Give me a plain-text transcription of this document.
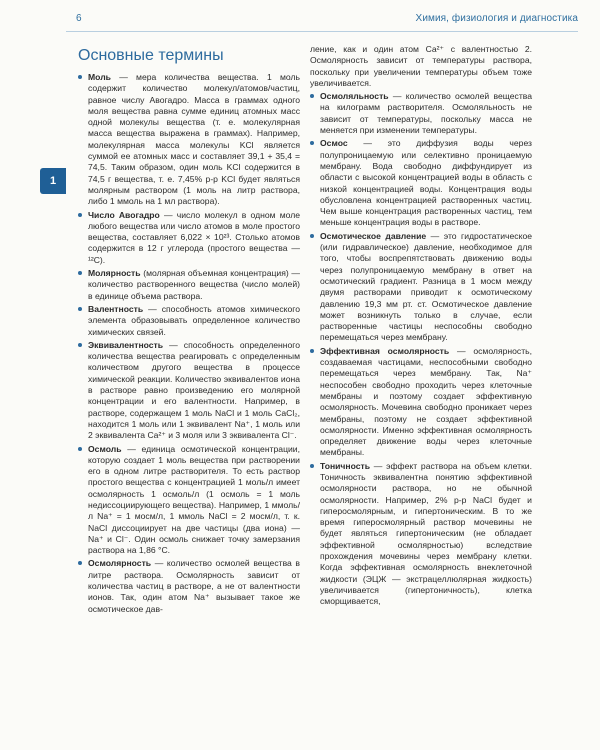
6	Химия, физиология и диагностика
1
Основные термины

Моль — мера количества вещества. 1 моль содержит количество молекул/атомов/частиц, равное числу Авогадро. Масса в граммах одного моля вещества равна сумме единиц атомных масс одной молекулы вещества (т. е. молекулярная масса вещества выражена в граммах). Например, молекулярная масса молекулы KCl является суммой ее атомных масс и составляет 39,1 + 35,4 = 74,5. Таким образом, один моль KCl содержится в 74,5 г вещества, т. е. 7,45% р-р KCl будет являться молярным раствором (1 моль на литр раствора, либо 1 ммоль на 1 мл раствора).

Число Авогадро — число молекул в одном моле любого вещества или число атомов в моле простого вещества, составляет 6,022 × 10²³. Столько атомов содержится в 12 г углерода (простого вещества — ¹²C).

Молярность (молярная объемная концентрация) — количество растворенного вещества (число молей) в единице объема раствора.

Валентность — способность атомов химического элемента образовывать определенное количество химических связей.

Эквивалентность — способность определенного количества вещества реагировать с определенным количеством другого вещества в процессе химической реакции. Количество эквивалентов иона в растворе равно произведению его молярной концентрации и его валентности. Например, в растворе, содержащем 1 моль NaCl и 1 моль CaCl₂, находится 1 моль или 1 эквивалент Na⁺, 1 моль или 2 эквивалента Ca²⁺ и 3 моля или 3 эквивалента Cl⁻.

Осмоль — единица осмотической концентрации, которую создает 1 моль вещества при растворении его в одном литре растворителя. То есть раствор простого вещества с концентрацией 1 моль/л имеет осмолярность 1 осмоль/л (1 осмоль = 1 моль недиссоциирующего вещества). Например, 1 ммоль/л Na⁺ = 1 мосм/л, 1 ммоль NaCl = 2 мосм/л, т. к. NaCl диссоциирует на две частицы (два иона) — Na⁺ и Cl⁻. Один осмоль снижает точку замерзания раствора на 1,86 °C.

Осмолярность — количество осмолей вещества в литре раствора. Осмолярность зависит от количества частиц в растворе, а не от валентности ионов. Так, один атом Na⁺ вызывает такое же осмотическое дав-

ление, как и один атом Ca²⁺ с валентностью 2. Осмолярность зависит от температуры раствора, поскольку при увеличении температуры объем тоже увеличивается.

Осмоляльность — количество осмолей вещества на килограмм растворителя. Осмоляльность не зависит от температуры, поскольку масса не меняется при изменении температуры.

Осмос — это диффузия воды через полупроницаемую или селективно проницаемую мембрану. Вода свободно диффундирует из области с высокой концентрацией воды в область с низкой концентрацией воды. Концентрация воды обусловлена концентрацией растворенных частиц. Чем выше концентрация растворенных частиц, тем меньше концентрация воды в растворе.

Осмотическое давление — это гидростатическое (или гидравлическое) давление, необходимое для того, чтобы воспрепятствовать движению воды через полупроницаемую мембрану в ответ на осмотический градиент. Разница в 1 мосм между двумя растворами приводит к осмотическому давлению 19,3 мм рт. ст. Осмотическое давление может возникнуть только в случае, если растворенные частицы неспособны свободно перемещаться через мембрану.

Эффективная осмолярность — осмолярность, создаваемая частицами, неспособными свободно перемещаться через мембрану. Так, Na⁺ неспособен свободно проходить через клеточные мембраны и поэтому создает эффективную осмолярность. Мочевина свободно проникает через мембраны, поэтому не создает эффективной осмолярности. Именно эффективная осмолярность определяет движение воды через клеточные мембраны.

Тоничность — эффект раствора на объем клетки. Тоничность эквивалентна понятию эффективной осмолярности раствора, но не обычной осмолярности. Например, 2% р-р NaCl будет и гиперосмолярным, и гипертоническим. В то же время гиперосмолярный раствор мочевины не будет являться гипертоническим (не обладает эффективной осмолярностью) вследствие прохождения мочевины через мембрану клетки. Когда эффективная осмолярность внеклеточной жидкости (ЭЦЖ — экстрацеллюлярная жидкость) увеличивается (гипертоничность), клетка сморщивается,
